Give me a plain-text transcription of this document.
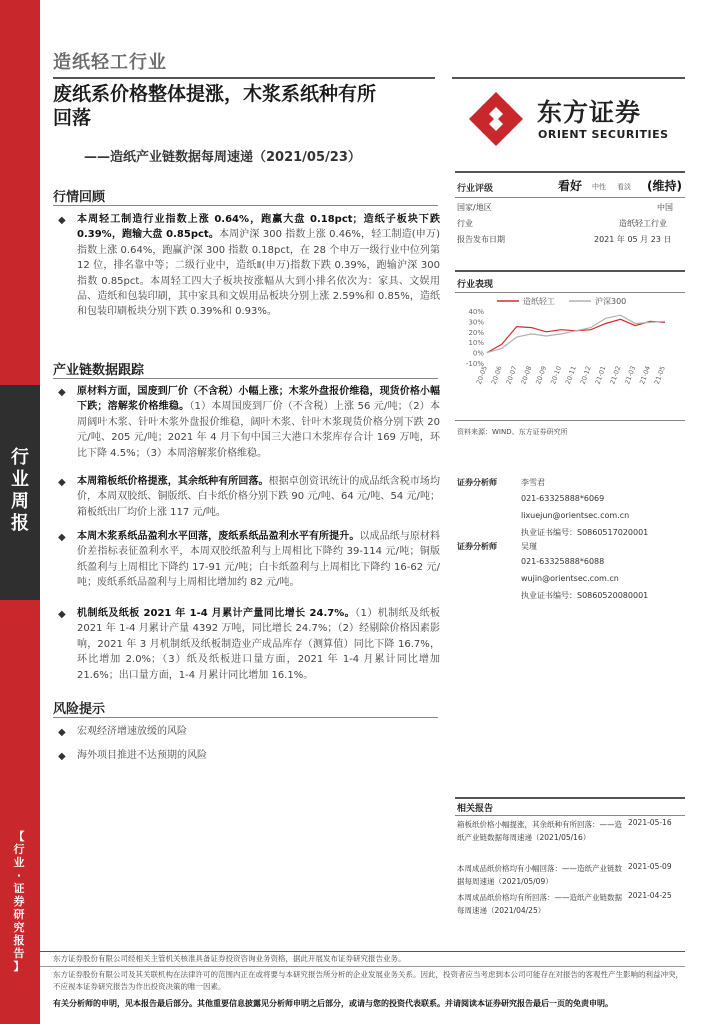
行
业
周
报
【
行
业
·
证
券
研
究
报
告
】
造纸轻工行业
废纸系价格整体提涨，木浆系纸种有所
回落
——造纸产业链数据每周速递（2021/05/23）
东方证券
ORIENT SECURITIES
行情回顾
◆ 本周轻工制造行业指数上涨 0.64%，跑赢大盘 0.18pct；造纸子板块下跌 0.39%，跑输大盘 0.85pct。本周沪深 300 指数上涨 0.46%，轻工制造(申万)指数上涨 0.64%，跑赢沪深 300 指数 0.18pct，在 28 个申万一级行业中位列第 12 位，排名靠中等；二级行业中，造纸Ⅱ(申万)指数下跌 0.39%，跑输沪深 300 指数 0.85pct。本周轻工四大子板块按涨幅从大到小排名依次为：家具、文娱用品、造纸和包装印刷，其中家具和文娱用品板块分别上涨 2.59%和 0.85%，造纸和包装印刷板块分别下跌 0.39%和 0.93%。
产业链数据跟踪
◆ 原材料方面，国废到厂价（不含税）小幅上涨；木浆外盘报价维稳，现货价格小幅下跌；溶解浆价格维稳。（1）本周国废到厂价（不含税）上涨 56 元/吨；（2）本周阔叶木浆、针叶木浆外盘报价维稳，阔叶木浆、针叶木浆现货价格分别下跌 20 元/吨、205 元/吨；2021 年 4 月下旬中国三大港口木浆库存合计 169 万吨，环比下降 4.5%；（3）本周溶解浆价格维稳。
◆ 本周箱板纸价格提涨，其余纸种有所回落。根据卓创资讯统计的成品纸含税市场均价，本周双胶纸、铜版纸、白卡纸价格分别下跌 90 元/吨、64 元/吨、54 元/吨；箱板纸出厂均价上涨 117 元/吨。
◆ 本周木浆系纸品盈利水平回落，废纸系纸品盈利水平有所提升。以成品纸与原材料价差指标表征盈利水平，本周双胶纸盈利与上周相比下降约 39-114 元/吨；铜版纸盈利与上周相比下降约 17-91 元/吨；白卡纸盈利与上周相比下降约 16-62 元/吨；废纸系纸品盈利与上周相比增加约 82 元/吨。
◆ 机制纸及纸板 2021 年 1-4 月累计产量同比增长 24.7%。（1）机制纸及纸板 2021 年 1-4 月累计产量 4392 万吨，同比增长 24.7%；（2）经剔除价格因素影响，2021 年 3 月机制纸及纸板制造业产成品库存（测算值）同比下降 16.7%，环比增加 2.0%；（3）纸及纸板进口量方面，2021 年 1-4 月累计同比增加 21.6%；出口量方面，1-4 月累计同比增加 16.1%。
风险提示
◆ 宏观经济增速放缓的风险
◆ 海外项目推进不达预期的风险
行业评级	看好 中性 看淡 (维持)
国家/地区	中国
行业	造纸轻工行业
报告发布日期	2021 年 05 月 23 日
行业表现
造纸轻工	沪深300
-10%
0%
10%
20%
30%
40%
20-05 20-06 20-07 20-08 20-09 20-10 20-11 20-12 21-01 21-02 21-03 21-04 21-05
资料来源：WIND、东方证券研究所
证券分析师	李雪君
021-63325888*6069
lixuejun@orientsec.com.cn
执业证书编号：S0860517020001
证券分析师	吴瑾
021-63325888*6088
wujin@orientsec.com.cn
执业证书编号：S0860520080001
相关报告
箱板纸价格小幅提涨，其余纸种有所回落：——造纸产业链数据每周速递（2021/05/16）
2021-05-16
本周成品纸价格均有小幅回落：——造纸产业链数据每周速递（2021/05/09）
2021-05-09
本周成品纸价格均有所回落：——造纸产业链数据每周速递（2021/04/25）
2021-04-25
东方证券股份有限公司经相关主管机关核准具备证券投资咨询业务资格，据此开展发布证券研究报告业务。
东方证券股份有限公司及其关联机构在法律许可的范围内正在或将要与本研究报告所分析的企业发展业务关系。因此，投资者应当考虑到本公司可能存在对报告的客观性产生影响的利益冲突，不应视本证券研究报告为作出投资决策的唯一因素。
有关分析师的申明，见本报告最后部分。其他重要信息披露见分析师申明之后部分，或请与您的投资代表联系。并请阅读本证券研究报告最后一页的免责申明。
